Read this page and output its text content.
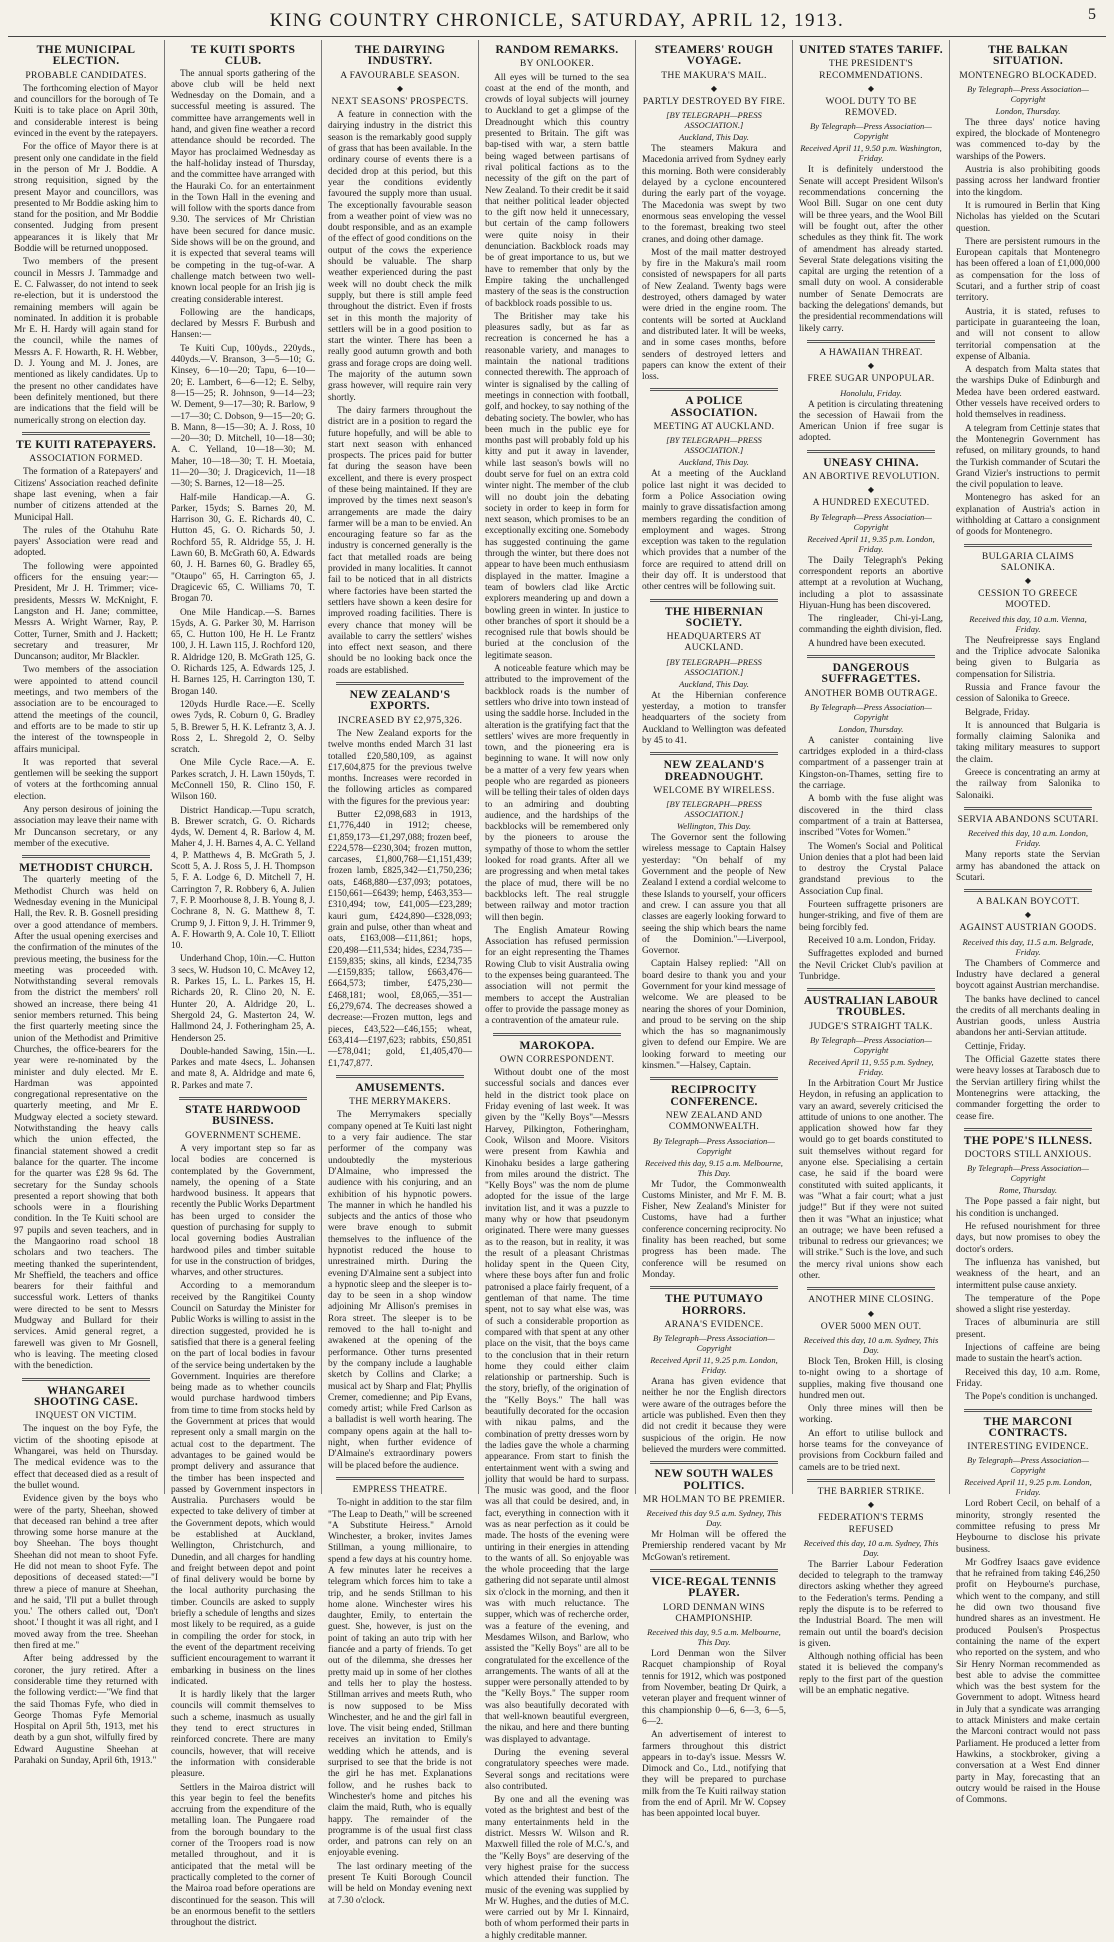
KING COUNTRY CHRONICLE, SATURDAY, APRIL 12, 1913.	5
THE MUNICIPAL ELECTION.
PROBABLE CANDIDATES.

The forthcoming election of Mayor and councillors for the borough of Te Kuiti is to take place on April 30th, and considerable interest is being evinced in the event by the ratepayers.

For the office of Mayor there is at present only one candidate in the field in the person of Mr J. Boddie. A strong requisition, signed by the present Mayor and councillors, was presented to Mr Boddie asking him to stand for the position, and Mr Boddie consented. Judging from present appearances it is likely that Mr Boddie will be returned unopposed.

Two members of the present council in Messrs J. Tammadge and E. C. Falwasser, do not intend to seek re-election, but it is understood the remaining members will again be nominated. In addition it is probable Mr E. H. Hardy will again stand for the council, while the names of Messrs A. F. Howarth, R. H. Webber, D. J. Young and M. J. Jones, are mentioned as likely candidates. Up to the present no other candidates have been definitely mentioned, but there are indications that the field will be numerically strong on election day.

TE KUITI RATEPAYERS.
ASSOCIATION FORMED.

The formation of a Ratepayers' and Citizens' Association reached definite shape last evening, when a fair number of citizens attended at the Municipal Hall.

The rules of the Otahuhu Rate payers' Association were read and adopted.

The following were appointed officers for the ensuing year:—President, Mr J. H. Trimmer; vice-presidents, Messrs W. McKnight, F. Langston and H. Jane; committee, Messrs A. Wright Warner, Ray, P. Cotter, Turner, Smith and J. Hackett; secretary and treasurer, Mr Duncanson; auditor, Mr Blackler.

Two members of the association were appointed to attend council meetings, and two members of the association are to be encouraged to attend the meetings of the council, and efforts are to be made to stir up the interest of the townspeople in affairs municipal.

It was reported that several gentlemen will be seeking the support of voters at the forthcoming annual election.

Any person desirous of joining the association may leave their name with Mr Duncanson secretary, or any member of the executive.

METHODIST CHURCH.

The quarterly meeting of the Methodist Church was held on Wednesday evening in the Municipal Hall, the Rev. R. B. Gosnell presiding over a good attendance of members. After the usual opening exercises and the confirmation of the minutes of the previous meeting, the business for the meeting was proceeded with. Notwithstanding several removals from the district the members' roll showed an increase, there being 41 senior members returned. This being the first quarterly meeting since the union of the Methodist and Primitive Churches, the office-bearers for the year were re-nominated by the minister and duly elected. Mr E. Hardman was appointed congregational representative on the quarterly meeting, and Mr E. Mudgway elected a society steward. Notwithstanding the heavy calls which the union effected, the financial statement showed a credit balance for the quarter. The income for the quarter was £28 9s 6d. The secretary for the Sunday schools presented a report showing that both schools were in a flourishing condition. In the Te Kuiti school are 97 pupils and seven teachers, and in the Mangaorino road school 18 scholars and two teachers. The meeting thanked the superintendent, Mr Sheffield, the teachers and office bearers for their faithful and successful work. Letters of thanks were directed to be sent to Messrs Mudgway and Bullard for their services. Amid general regret, a farewell was given to Mr Gosnell, who is leaving. The meeting closed with the benediction.

WHANGAREI SHOOTING CASE.
INQUEST ON VICTIM.

The inquest on the boy Fyfe, the victim of the shooting episode at Whangarei, was held on Thursday. The medical evidence was to the effect that deceased died as a result of the bullet wound.

Evidence given by the boys who were of the party, Sheehan, showed that deceased ran behind a tree after throwing some horse manure at the boy Sheehan. The boys thought Sheehan did not mean to shoot Fyfe. He did not mean to shoot Fyfe. The depositions of deceased stated:—"I threw a piece of manure at Sheehan, and he said, 'I'll put a bullet through you.' The others called out, 'Don't shoot.' I thought it was all right, and I moved away from the tree. Sheehan then fired at me."

After being addressed by the coroner, the jury retired. After a considerable time they returned with the following verdict:—"We find that the said Thomas Fyfe, who died in George Thomas Fyfe Memorial Hospital on April 5th, 1913, met his death by a gun shot, wilfully fired by Edward Augustine Sheehan at Parahaki on Sunday, April 6th, 1913."

TE KUITI SPORTS CLUB.

The annual sports gathering of the above club will be held next Wednesday on the Domain, and a successful meeting is assured. The committee have arrangements well in hand, and given fine weather a record attendance should be recorded. The Mayor has proclaimed Wednesday as the half-holiday instead of Thursday, and the committee have arranged with the Hauraki Co. for an entertainment in the Town Hall in the evening and will follow with the sports dance from 9.30. The services of Mr Christian have been secured for dance music. Side shows will be on the ground, and it is expected that several teams will be competing in the tug-of-war. A challenge match between two well-known local people for an Irish jig is creating considerable interest.

Following are the handicaps, declared by Messrs F. Burbush and Hansen:—

Te Kuiti Cup, 100yds., 220yds., 440yds.—V. Branson, 3—5—10; G. Kinsey, 6—10—20; Tapu, 6—10—20; E. Lambert, 6—6—12; E. Selby, 8—15—25; R. Johnson, 9—14—23; W. Dement, 9—17—30; R. Barlow, 9—17—30; C. Dobson, 9—15—20; G. B. Mann, 8—15—30; A. J. Ross, 10—20—30; D. Mitchell, 10—18—30; A. C. Yelland, 10—18—30; M. Maher, 10—18—30; T. H. Moetaia, 11—20—30; J. Dragicevich, 11—18—30; S. Barnes, 12—18—25.

Half-mile Handicap.—A. G. Parker, 15yds; S. Barnes 20, M. Harrison 30, G. E. Richards 40, C. Hutton 45, G. O. Richards 50, J. Rochford 55, R. Aldridge 55, J. H. Lawn 60, B. McGrath 60, A. Edwards 60, J. H. Barnes 60, G. Bradley 65, "Otaupo" 65, H. Carrington 65, J. Dragicevic 65, C. Williams 70, T. Brogan 70.

One Mile Handicap.—S. Barnes 15yds, A. G. Parker 30, M. Harrison 65, C. Hutton 100, He H. Le Frantz 100, J. H. Lawn 115, J. Rochford 120, R. Aldridge 120, B. McGrath 125, G. O. Richards 125, A. Edwards 125, J. H. Barnes 125, H. Carrington 130, T. Brogan 140.

120yds Hurdle Race.—E. Scelly owes 7yds, R. Coburn 0, G. Bradley 5, B. Brewer 5, H. K. Lefrantz 3, A. J. Ross 2, L. Shregold 2, O. Selby scratch.

One Mile Cycle Race.—A. E. Parkes scratch, J. H. Lawn 150yds, T. McConnell 150, R. Clino 150, F. Wilson 160.

District Handicap.—Tupu scratch, B. Brewer scratch, G. O. Richards 4yds, W. Dement 4, R. Barlow 4, M. Maher 4, J. H. Barnes 4, A. C. Yelland 4, P. Matthews 4, B. McGrath 5, J. Scott 5, A. J. Ross 5, J. H. Thompson 5, F. A. Lodge 6, D. Mitchell 7, H. Carrington 7, R. Robbery 6, A. Julien 7, F. P. Moorhouse 8, J. B. Young 8, J. Cochrane 8, N. G. Matthew 8, T. Crump 9, J. Fitton 9, J. H. Trimmer 9, A. F. Howarth 9, A. Cole 10, T. Elliott 10.

Underhand Chop, 10in.—C. Hutton 3 secs, W. Hudson 10, C. McAvey 12, R. Parkes 15, L. L. Parkes 15, H. Richards 20, R. Clino 20, N. E. Hunter 20, A. Aldridge 20, L. Shergold 24, G. Masterton 24, W. Hallmond 24, J. Fotheringham 25, A. Henderson 25.

Double-handed Sawing, 15in.—L. Parkes and mate 4secs, L. Johansen and mate 8, A. Aldridge and mate 6, R. Parkes and mate 7.

STATE HARDWOOD BUSINESS.
GOVERNMENT SCHEME.

A very important step so far as local bodies are concerned is contemplated by the Government, namely, the opening of a State hardwood business. It appears that recently the Public Works Department has been urged to consider the question of purchasing for supply to local governing bodies Australian hardwood piles and timber suitable for use in the construction of bridges, wharves, and other structures.

According to a memorandum received by the Rangitikei County Council on Saturday the Minister for Public Works is willing to assist in the direction suggested, provided he is satisfied that there is a general feeling on the part of local bodies in favour of the service being undertaken by the Government. Inquiries are therefore being made as to whether councils would purchase hardwood timbers from time to time from stocks held by the Government at prices that would represent only a small margin on the actual cost to the department. The advantages to be gained would be prompt delivery and assurance that the timber has been inspected and passed by Government inspectors in Australia. Purchasers would be expected to take delivery of timber at the Government depots, which would be established at Auckland, Wellington, Christchurch, and Dunedin, and all charges for handling and freight between depot and point of final delivery would be borne by the local authority purchasing the timber. Councils are asked to supply briefly a schedule of lengths and sizes most likely to be required, as a guide in compiling the order for stock, in the event of the department receiving sufficient encouragement to warrant it embarking in business on the lines indicated.

It is hardly likely that the larger councils will commit themselves to such a scheme, inasmuch as usually they tend to erect structures in reinforced concrete. There are many councils, however, that will receive the information with considerable pleasure.

Settlers in the Mairoa district will this year begin to feel the benefits accruing from the expenditure of the metalling loan. The Pungaere road from the borough boundary to the corner of the Troopers road is now metalled throughout, and it is anticipated that the metal will be practically completed to the corner of the Mairoa road before operations are discontinued for the season. This will be an enormous benefit to the settlers throughout the district.

THE DAIRYING INDUSTRY.
A FAVOURABLE SEASON.
◆
NEXT SEASONS' PROSPECTS.

A feature in connection with the dairying industry in the district this season is the remarkably good supply of grass that has been available. In the ordinary course of events there is a decided drop at this period, but this year the conditions evidently favoured the supply more than usual. The exceptionally favourable season from a weather point of view was no doubt responsible, and as an example of the effect of good conditions on the output of the cows the experience should be valuable. The sharp weather experienced during the past week will no doubt check the milk supply, but there is still ample feed throughout the district. Even if frosts set in this month the majority of settlers will be in a good position to start the winter. There has been a really good autumn growth and both grass and forage crops are doing well. The majority of the autumn sown grass however, will require rain very shortly.

The dairy farmers throughout the district are in a position to regard the future hopefully, and will be able to start next season with enhanced prospects. The prices paid for butter fat during the season have been excellent, and there is every prospect of these being maintained. If they are improved by the times next season's arrangements are made the dairy farmer will be a man to be envied. An encouraging feature so far as the industry is concerned generally is the fact that metalled roads are being provided in many localities. It cannot fail to be noticed that in all districts where factories have been started the settlers have shown a keen desire for improved roading facilities. There is every chance that money will be available to carry the settlers' wishes into effect next season, and there should be no looking back once the roads are established.

NEW ZEALAND'S EXPORTS.
INCREASED BY £2,975,326.

The New Zealand exports for the twelve months ended March 31 last totalled £20,580,109, as against £17,604,875 for the previous twelve months. Increases were recorded in the following articles as compared with the figures for the previous year:

Butter £2,098,683 in 1913, £1,776,440 in 1912; cheese, £1,859,173—£1,297,088; frozen beef, £224,578—£230,304; frozen mutton, carcases, £1,800,768—£1,151,439; frozen lamb, £825,342—£1,750,236; oats, £468,880—£37,093; potatoes, £150,661—£6439; hemp, £463,353—£310,494; tow, £41,005—£23,289; kauri gum, £424,890—£328,093; grain and pulse, other than wheat and oats, £163,008—£11,861; hops, £20,498—£11,534; hides, £234,735—£159,835; skins, all kinds, £234,735—£159,835; tallow, £663,476—£664,573; timber, £475,230—£468,181; wool, £8,065,—351—£6,279,674. The decreases showed a decrease:—Frozen mutton, legs and pieces, £43,522—£46,155; wheat, £63,414—£197,623; rabbits, £50,851—£78,041; gold, £1,405,470—£1,747,877.

AMUSEMENTS.
THE MERRYMAKERS.

The Merrymakers specially company opened at Te Kuiti last night to a very fair audience. The star performer of the company was undoubtedly the mysterious D'Almaine, who impressed the audience with his conjuring, and an exhibition of his hypnotic powers. The manner in which he handled his subjects and the antics of those who were brave enough to submit themselves to the influence of the hypnotist reduced the house to unrestrained mirth. During the evening D'Almaine sent a subject into a hypnotic sleep and the sleeper is to-day to be seen in a shop window adjoining Mr Allison's premises in Rora street. The sleeper is to be removed to the hall to-night and awakened at the opening of the performance. Other turns presented by the company include a laughable sketch by Collins and Clarke; a musical act by Sharp and Flat; Phyllis Cremer, comedienne; and Pip Evans, comedy artist; while Fred Carlson as a balladist is well worth hearing. The company opens again at the hall to-night, when further evidence of D'Almaine's extraordinary powers will be placed before the audience.

EMPRESS THEATRE.

To-night in addition to the star film "The Leap to Death," will be screened "A Substitute Heiress." Arnold Winchester, a broker, invites James Stillman, a young millionaire, to spend a few days at his country home. A few minutes later he receives a telegram which forces him to take a trip, and he sends Stillman to his home alone. Winchester wires his daughter, Emily, to entertain the guest. She, however, is just on the point of taking an auto trip with her fiancée and a party of friends. To get out of the dilemma, she dresses her pretty maid up in some of her clothes and tells her to play the hostess. Stillman arrives and meets Ruth, who is now supposed to be Miss Winchester, and he and the girl fall in love. The visit being ended, Stillman receives an invitation to Emily's wedding which he attends, and is surprised to see that the bride is not the girl he has met. Explanations follow, and he rushes back to Winchester's home and pitches his claim the maid, Ruth, who is equally happy. The remainder of the programme is of the usual first class order, and patrons can rely on an enjoyable evening.

The last ordinary meeting of the present Te Kuiti Borough Council will be held on Monday evening next at 7.30 o'clock.

RANDOM REMARKS.
BY ONLOOKER.

All eyes will be turned to the sea coast at the end of the month, and crowds of loyal subjects will journey to Auckland to get a glimpse of the Dreadnought which this country presented to Britain. The gift was bap-tised with war, a stern battle being waged between partisans of rival political factions as to the necessity of the gift on the part of New Zealand. To their credit be it said that neither political leader objected to the gift now held it unnecessary, but certain of the camp followers were quite noisy in their denunciation. Backblock roads may be of great importance to us, but we have to remember that only by the Empire taking the unchallenged mastery of the seas is the construction of backblock roads possible to us.

The Britisher may take his pleasures sadly, but as far as recreation is concerned he has a reasonable variety, and manages to maintain the national traditions connected therewith. The approach of winter is signalised by the calling of meetings in connection with football, golf, and hockey, to say nothing of the debating society. The bowler, who has been much in the public eye for months past will probably fold up his kitty and put it away in lavender, while last season's bowls will no doubt serve for fuel on an extra cold winter night. The member of the club will no doubt join the debating society in order to keep in form for next season, which promises to be an exceptionally exciting one. Somebody has suggested continuing the game through the winter, but there does not appear to have been much enthusiasm displayed in the matter. Imagine a team of bowlers clad like Arctic explorers meandering up and down a bowling green in winter. In justice to other branches of sport it should be a recognised rule that bowls should be buried at the conclusion of the legitimate season.

A noticeable feature which may be attributed to the improvement of the backblock roads is the number of settlers who drive into town instead of using the saddle horse. Included in the alteration is the gratifying fact that the settlers' wives are more frequently in town, and the pioneering era is beginning to wane. It will now only be a matter of a very few years when people who are regarded as pioneers will be telling their tales of olden days to an admiring and doubting audience, and the hardships of the backblocks will be remembered only by the pioneers to arouse the sympathy of those to whom the settler looked for road grants. After all we are progressing and when metal takes the place of mud, there will be no backblocks left. The real struggle between railway and motor traction will then begin.

The English Amateur Rowing Association has refused permission for an eight representing the Thames Rowing Club to visit Australia owing to the expenses being guaranteed. The association will not permit the members to accept the Australian offer to provide the passage money as a contravention of the amateur rule.

MAROKOPA.
OWN CORRESPONDENT.

Without doubt one of the most successful socials and dances ever held in the district took place on Friday evening of last week. It was given by the "Kelly Boys"—Messrs Harvey, Pilkington, Fotheringham, Cook, Wilson and Moore. Visitors were present from Kawhia and Kinohaku besides a large gathering from miles around the district. The "Kelly Boys" was the nom de plume adopted for the issue of the large invitation list, and it was a puzzle to many why or how that pseudonym originated. There were many guesses as to the reason, but in reality, it was the result of a pleasant Christmas holiday spent in the Queen City, where these boys after fun and frolic patronised a place fairly frequent, of a gentleman of that name. The time spent, not to say what else was, was of such a considerable proportion as compared with that spent at any other place on the visit, that the boys came to the conclusion that in their return home they could either claim relationship or partnership. Such is the story, briefly, of the origination of the "Kelly Boys." The hall was beautifully decorated for the occasion with nikau palms, and the combination of pretty dresses worn by the ladies gave the whole a charming appearance. From start to finish the entertainment went with a swing and jollity that would be hard to surpass. The music was good, and the floor was all that could be desired, and, in fact, everything in connection with it was as near perfection as it could be made. The hosts of the evening were untiring in their energies in attending to the wants of all. So enjoyable was the whole proceeding that the large gathering did not separate until almost six o'clock in the morning, and then it was with much reluctance. The supper, which was of recherche order, was a feature of the evening, and Mesdames Wilson, and Barlow, who assisted the "Kelly Boys" are all to be congratulated for the excellence of the arrangements. The wants of all at the supper were personally attended to by the "Kelly Boys." The supper room was also beautifully decorated with that well-known beautiful evergreen, the nikau, and here and there bunting was displayed to advantage.

During the evening several congratulatory speeches were made. Several songs and recitations were also contributed.

By one and all the evening was voted as the brightest and best of the many entertainments held in the district. Messrs W. Wilson and R. Maxwell filled the role of M.C.'s, and the "Kelly Boys" are deserving of the very highest praise for the success which attended their function. The music of the evening was supplied by Mr W. Hughes, and the duties of M.C. were carried out by Mr I. Kinnaird, both of whom performed their parts in a highly creditable manner.

STEAMERS' ROUGH VOYAGE.
THE MAKURA'S MAIL.
◆
PARTLY DESTROYED BY FIRE.
[BY TELEGRAPH—PRESS ASSOCIATION.]
Auckland, This Day.

The steamers Makura and Macedonia arrived from Sydney early this morning. Both were considerably delayed by a cyclone encountered during the early part of the voyage. The Macedonia was swept by two enormous seas enveloping the vessel to the foremast, breaking two steel cranes, and doing other damage.

Most of the mail matter destroyed by fire in the Makura's mail room consisted of newspapers for all parts of New Zealand. Twenty bags were destroyed, others damaged by water were dried in the engine room. The contents will be sorted at Auckland and distributed later. It will be weeks, and in some cases months, before senders of destroyed letters and papers can know the extent of their loss.

A POLICE ASSOCIATION.
MEETING AT AUCKLAND.
[BY TELEGRAPH—PRESS ASSOCIATION.]
Auckland, This Day.

At a meeting of the Auckland police last night it was decided to form a Police Association owing mainly to grave dissatisfaction among members regarding the condition of employment and wages. Strong exception was taken to the regulation which provides that a number of the force are required to attend drill on their day off. It is understood that other centres will be following suit.

THE HIBERNIAN SOCIETY.
HEADQUARTERS AT AUCKLAND.
[BY TELEGRAPH—PRESS ASSOCIATION.]
Auckland, This Day.

At the Hibernian conference yesterday, a motion to transfer headquarters of the society from Auckland to Wellington was defeated by 45 to 41.

NEW ZEALAND'S DREADNOUGHT.
WELCOME BY WIRELESS.
[BY TELEGRAPH—PRESS ASSOCIATION.]
Wellington, This Day.

The Governor sent the following wireless message to Captain Halsey yesterday: "On behalf of my Government and the people of New Zealand I extend a cordial welcome to these Islands to yourself, your officers and crew. I can assure you that all classes are eagerly looking forward to seeing the ship which bears the name of the Dominion."—Liverpool, Governor.

Captain Halsey replied: "All on board desire to thank you and your Government for your kind message of welcome. We are pleased to be nearing the shores of your Dominion, and proud to be serving on the ship which the has so magnanimously given to defend our Empire. We are looking forward to meeting our kinsmen."—Halsey, Captain.

RECIPROCITY CONFERENCE.
NEW ZEALAND AND COMMONWEALTH.
By Telegraph—Press Association—Copyright
Received this day, 9.15 a.m. Melbourne, This Day.

Mr Tudor, the Commonwealth Customs Minister, and Mr F. M. B. Fisher, New Zealand's Minister for Customs, have had a further conference concerning reciprocity. No finality has been reached, but some progress has been made. The conference will be resumed on Monday.

THE PUTUMAYO HORRORS.
ARANA'S EVIDENCE.
By Telegraph—Press Association—Copyright
Received April 11, 9.25 p.m. London, Friday.

Arana has given evidence that neither he nor the English directors were aware of the outrages before the article was published. Even then they did not credit it because they were suspicious of the origin. He now believed the murders were committed.

NEW SOUTH WALES POLITICS.
MR HOLMAN TO BE PREMIER.
Received this day 9.5 a.m. Sydney, This Day.

Mr Holman will be offered the Premiership rendered vacant by Mr McGowan's retirement.

VICE-REGAL TENNIS PLAYER.
LORD DENMAN WINS CHAMPIONSHIP.
Received this day, 9.5 a.m. Melbourne, This Day.

Lord Denman won the Silver Racquet championship of Royal tennis for 1912, which was postponed from November, beating Dr Quirk, a veteran player and frequent winner of this championship 0—6, 6—3, 6—5, 6—2.

An advertisement of interest to farmers throughout this district appears in to-day's issue. Messrs W. Dimock and Co., Ltd., notifying that they will be prepared to purchase milk from the Te Kuiti railway station from the end of April. Mr W. Copsey has been appointed local buyer.

UNITED STATES TARIFF.
THE PRESIDENT'S RECOMMENDATIONS.
◆
WOOL DUTY TO BE REMOVED.
By Telegraph—Press Association—Copyright
Received April 11, 9.50 p.m. Washington, Friday.

It is definitely understood the Senate will accept President Wilson's recommendations concerning the Wool Bill. Sugar on one cent duty will be three years, and the Wool Bill will be fought out, after the other schedules as they think fit. The work of amendment has already started. Several State delegations visiting the capital are urging the retention of a small duty on wool. A considerable number of Senate Democrats are backing the delegations' demands, but the presidential recommendations will likely carry.

A HAWAIIAN THREAT.
◆
FREE SUGAR UNPOPULAR.
Honolulu, Friday.

A petition is circulating threatening the secession of Hawaii from the American Union if free sugar is adopted.

UNEASY CHINA.
AN ABORTIVE REVOLUTION.
◆
A HUNDRED EXECUTED.
By Telegraph—Press Association—Copyright
Received April 11, 9.35 p.m. London, Friday.

The Daily Telegraph's Peking correspondent reports an abortive attempt at a revolution at Wuchang, including a plot to assassinate Hiyuan-Hung has been discovered.

The ringleader, Chi-yi-Lang, commanding the eighth division, fled.

A hundred have been executed.

DANGEROUS SUFFRAGETTES.
ANOTHER BOMB OUTRAGE.
By Telegraph—Press Association—Copyright
London, Thursday.

A canister containing live cartridges exploded in a third-class compartment of a passenger train at Kingston-on-Thames, setting fire to the carriage.

A bomb with the fuse alight was discovered in the third class compartment of a train at Battersea, inscribed "Votes for Women."

The Women's Social and Political Union denies that a plot had been laid to destroy the Crystal Palace grandstand previous to the Association Cup final.

Fourteen suffragette prisoners are hunger-striking, and five of them are being forcibly fed.

Received 10 a.m. London, Friday.

Suffragettes exploded and burned the Nevil Cricket Club's pavilion at Tunbridge.

AUSTRALIAN LABOUR TROUBLES.
JUDGE'S STRAIGHT TALK.
By Telegraph—Press Association—Copyright
Received April 11, 9.55 p.m. Sydney, Friday.

In the Arbitration Court Mr Justice Heydon, in refusing an application to vary an award, severely criticised the attitude of unions to one another. The application showed how far they would go to get boards constituted to suit themselves without regard for anyone else. Specialising a certain case, he said if the board were constituted with suited applicants, it was "What a fair court; what a just judge!" But if they were not suited then it was "What an injustice; what an outrage; we have been refused a tribunal to redress our grievances; we will strike." Such is the love, and such the mercy rival unions show each other.

ANOTHER MINE CLOSING.
◆
OVER 5000 MEN OUT.
Received this day, 10 a.m. Sydney, This Day.

Block Ten, Broken Hill, is closing to-night owing to a shortage of supplies, making five thousand one hundred men out.

Only three mines will then be working.

An effort to utilise bullock and horse teams for the conveyance of provisions from Cockburn failed and camels are to be tried next.

THE BARRIER STRIKE.
◆
FEDERATION'S TERMS REFUSED
Received this day, 10 a.m. Sydney, This Day.

The Barrier Labour Federation decided to telegraph to the tramway directors asking whether they agreed to the Federation's terms. Pending a reply the dispute is to be referred to the Industrial Board. The men will remain out until the board's decision is given.

Although nothing official has been stated it is believed the company's reply to the first part of the question will be an emphatic negative.

THE BALKAN SITUATION.
MONTENEGRO BLOCKADED.
By Telegraph—Press Association—Copyright
London, Thursday.

The three days' notice having expired, the blockade of Montenegro was commenced to-day by the warships of the Powers.

Austria is also prohibiting goods passing across her landward frontier into the kingdom.

It is rumoured in Berlin that King Nicholas has yielded on the Scutari question.

There are persistent rumours in the European capitals that Montenegro has been offered a loan of £1,000,000 as compensation for the loss of Scutari, and a further strip of coast territory.

Austria, it is stated, refuses to participate in guaranteeing the loan, and will not consent to allow territorial compensation at the expense of Albania.

A despatch from Malta states that the warships Duke of Edinburgh and Medea have been ordered eastward. Other vessels have received orders to hold themselves in readiness.

A telegram from Cettinje states that the Montenegrin Government has refused, on military grounds, to hand the Turkish commander of Scutari the Grand Vizier's instructions to permit the civil population to leave.

Montenegro has asked for an explanation of Austria's action in withholding at Cattaro a consignment of goods for Montenegro.

BULGARIA CLAIMS SALONIKA.
◆
CESSION TO GREECE MOOTED.
Received this day, 10 a.m. Vienna, Friday.

The Neufreipresse says England and the Triplice advocate Salonika being given to Bulgaria as compensation for Silistria.

Russia and France favour the cession of Salonika to Greece.

Belgrade, Friday.

It is announced that Bulgaria is formally claiming Salonika and taking military measures to support the claim.

Greece is concentrating an army at the railway from Salonika to Salonaiki.

SERVIA ABANDONS SCUTARI.
Received this day, 10 a.m. London, Friday.

Many reports state the Servian army has abandoned the attack on Scutari.

A BALKAN BOYCOTT.
◆
AGAINST AUSTRIAN GOODS.
Received this day, 11.5 a.m. Belgrade, Friday.

The Chambers of Commerce and Industry have declared a general boycott against Austrian merchandise.

The banks have declined to cancel the credits of all merchants dealing in Austrian goods, unless Austria abandons her anti-Servian attitude.

Cettinje, Friday.

The Official Gazette states there were heavy losses at Tarabosch due to the Servian artillery firing whilst the Montenegrins were attacking, the commander forgetting the order to cease fire.

THE POPE'S ILLNESS.
DOCTORS STILL ANXIOUS.
By Telegraph—Press Association—Copyright
Rome, Thursday.

The Pope passed a fair night, but his condition is unchanged.

He refused nourishment for three days, but now promises to obey the doctor's orders.

The influenza has vanished, but weakness of the heart, and an intermittent pulse cause anxiety.

The temperature of the Pope showed a slight rise yesterday.

Traces of albuminuria are still present.

Injections of caffeine are being made to sustain the heart's action.

Received this day, 10 a.m. Rome, Friday.

The Pope's condition is unchanged.

THE MARCONI CONTRACTS.
INTERESTING EVIDENCE.
By Telegraph—Press Association—Copyright
Received April 11, 9.25 p.m. London, Friday.

Lord Robert Cecil, on behalf of a minority, strongly resented the committee refusing to press Mr Heybourne to disclose his private business.

Mr Godfrey Isaacs gave evidence that he refrained from taking £46,250 profit on Heybourne's purchase, which went to the company, and still he did own two thousand five hundred shares as an investment. He produced Poulsen's Prospectus containing the name of the expert who reported on the system, and who Sir Henry Norman recommended as best able to advise the committee which was the best system for the Government to adopt. Witness heard in July that a syndicate was arranging to attack Ministers and make certain the Marconi contract would not pass Parliament. He produced a letter from Hawkins, a stockbroker, giving a conversation at a West End dinner party in May, forecasting that an outcry would be raised in the House of Commons.
